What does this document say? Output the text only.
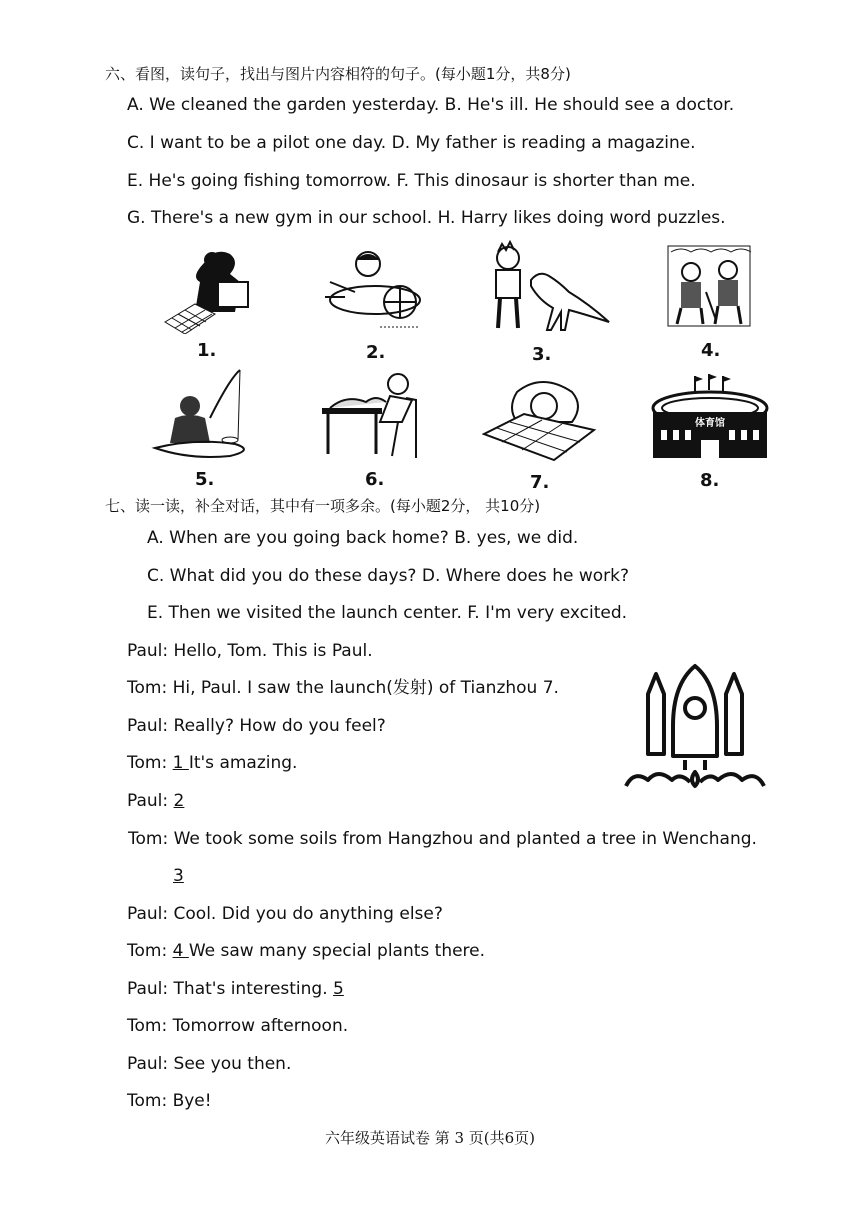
六、看图，读句子，找出与图片内容相符的句子。(每小题1分，共8分)
A. We cleaned the garden yesterday. B. He's ill. He should see a doctor.
C. I want to be a pilot one day. D. My father is reading a magazine.
E. He's going fishing tomorrow. F. This dinosaur is shorter than me.
G. There's a new gym in our school. H. Harry likes doing word puzzles.
1.	2.	3.	4.
5.	6.	7.
体育馆
8.
七、读一读，补全对话，其中有一项多余。(每小题2分， 共10分)
A. When are you going back home? B. yes, we did.
C. What did you do these days? D. Where does he work?
E. Then we visited the launch center. F. I'm very excited.
Paul: Hello, Tom. This is Paul.
Tom: Hi, Paul. I saw the launch(发射) of Tianzhou 7.
Paul: Really? How do you feel?
Tom: 1 It's amazing.
Paul: 2
Tom: We took some soils from Hangzhou and planted a tree in Wenchang.
3
Paul: Cool. Did you do anything else?
Tom: 4 We saw many special plants there.
Paul: That's interesting. 5
Tom: Tomorrow afternoon.
Paul: See you then.
Tom: Bye!
六年级英语试卷 第 3 页(共6页)
